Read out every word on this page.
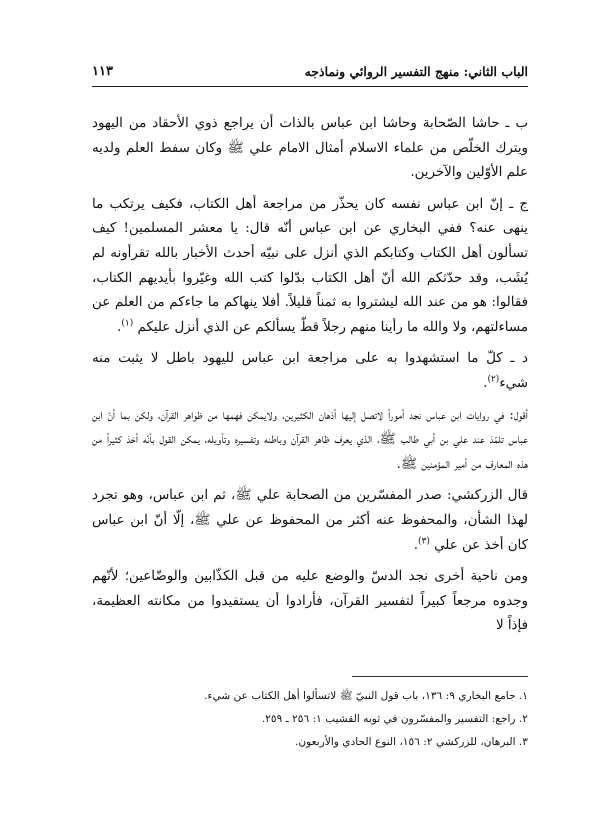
الباب الثاني: منهج التفسير الروائي ونماذجه
١١٣

ب ـ حاشا الصّحابة وحاشا ابن عباس بالذات أن يراجع ذوي الأحقاد من اليهود ويترك الخلّص من علماء الاسلام أمثال الامام علي ﷺ وكان سفط العلم ولديه علم الأوّلين والآخرين.

ج ـ إنّ ابن عباس نفسه كان يحذّر من مراجعة أهل الكتاب، فكيف يرتكب ما ينهى عنه؟ ففي البخاري عن ابن عباس أنّه قال: يا معشر المسلمين! كيف تسألون أهل الكتاب وكتابكم الذي أنزل على نبيّه أحدث الأخبار بالله تقرأونه لم يُشَب، وقد حدّثكم الله أنّ أهل الكتاب بدّلوا كتب الله وغيّروا بأيديهم الكتاب، فقالوا: هو من عند الله ليشتروا به ثمناً قليلاً. أفلا ينهاكم ما جاءكم من العلم عن مساءلتهم، ولا والله ما رأينا منهم رجلاً قطّ يسألكم عن الذي أنزل عليكم $^{(١)}$.

د ـ كلّ ما استشهدوا به على مراجعة ابن عباس لليهود باطل لا يثبت منه شيء$^{(٢)}$.

أقول: في روايات ابن عباس نجد أموراً لاتصل إليها أذهان الكثيرين، ولايمكن فهمها من ظواهر القرآن، ولكن بما أنّ ابن عباس تلمّذ عند علي بن أبي طالب ﷺ، الذي يعرف ظاهر القرآن وباطنه وتفسيره وتأويله، يمكن القول بأنّه أخذ كثيراً من هذه المعارف من أمير المؤمنين ﷺ.

قال الزركشي: صدر المفسّرين من الصحابة علي ﷺ، ثم ابن عباس، وهو تجرد لهذا الشأن، والمحفوظ عنه أكثر من المحفوظ عن علي ﷺ، إلّا أنّ ابن عباس كان أخذ عن علي $^{(٣)}$.

ومن ناحية أخرى نجد الدسّ والوضع عليه من قبل الكذّابين والوضّاعين؛ لأنّهم وجدوه مرجعاً كبيراً لتفسير القرآن، فأرادوا أن يستفيدوا من مكانته العظيمة، فإذاً لا

١. جامع البخاري ٩: ١٣٦، باب قول النبيّ ﷺ لاتسألوا أهل الكتاب عن شيء.

٢. راجع: التفسير والمفسّرون في ثوبه القشيب ١: ٢٥٦ ـ ٢٥٩.

٣. البرهان، للزركشي ٢: ١٥٦، النوع الحادي والأربعون.
